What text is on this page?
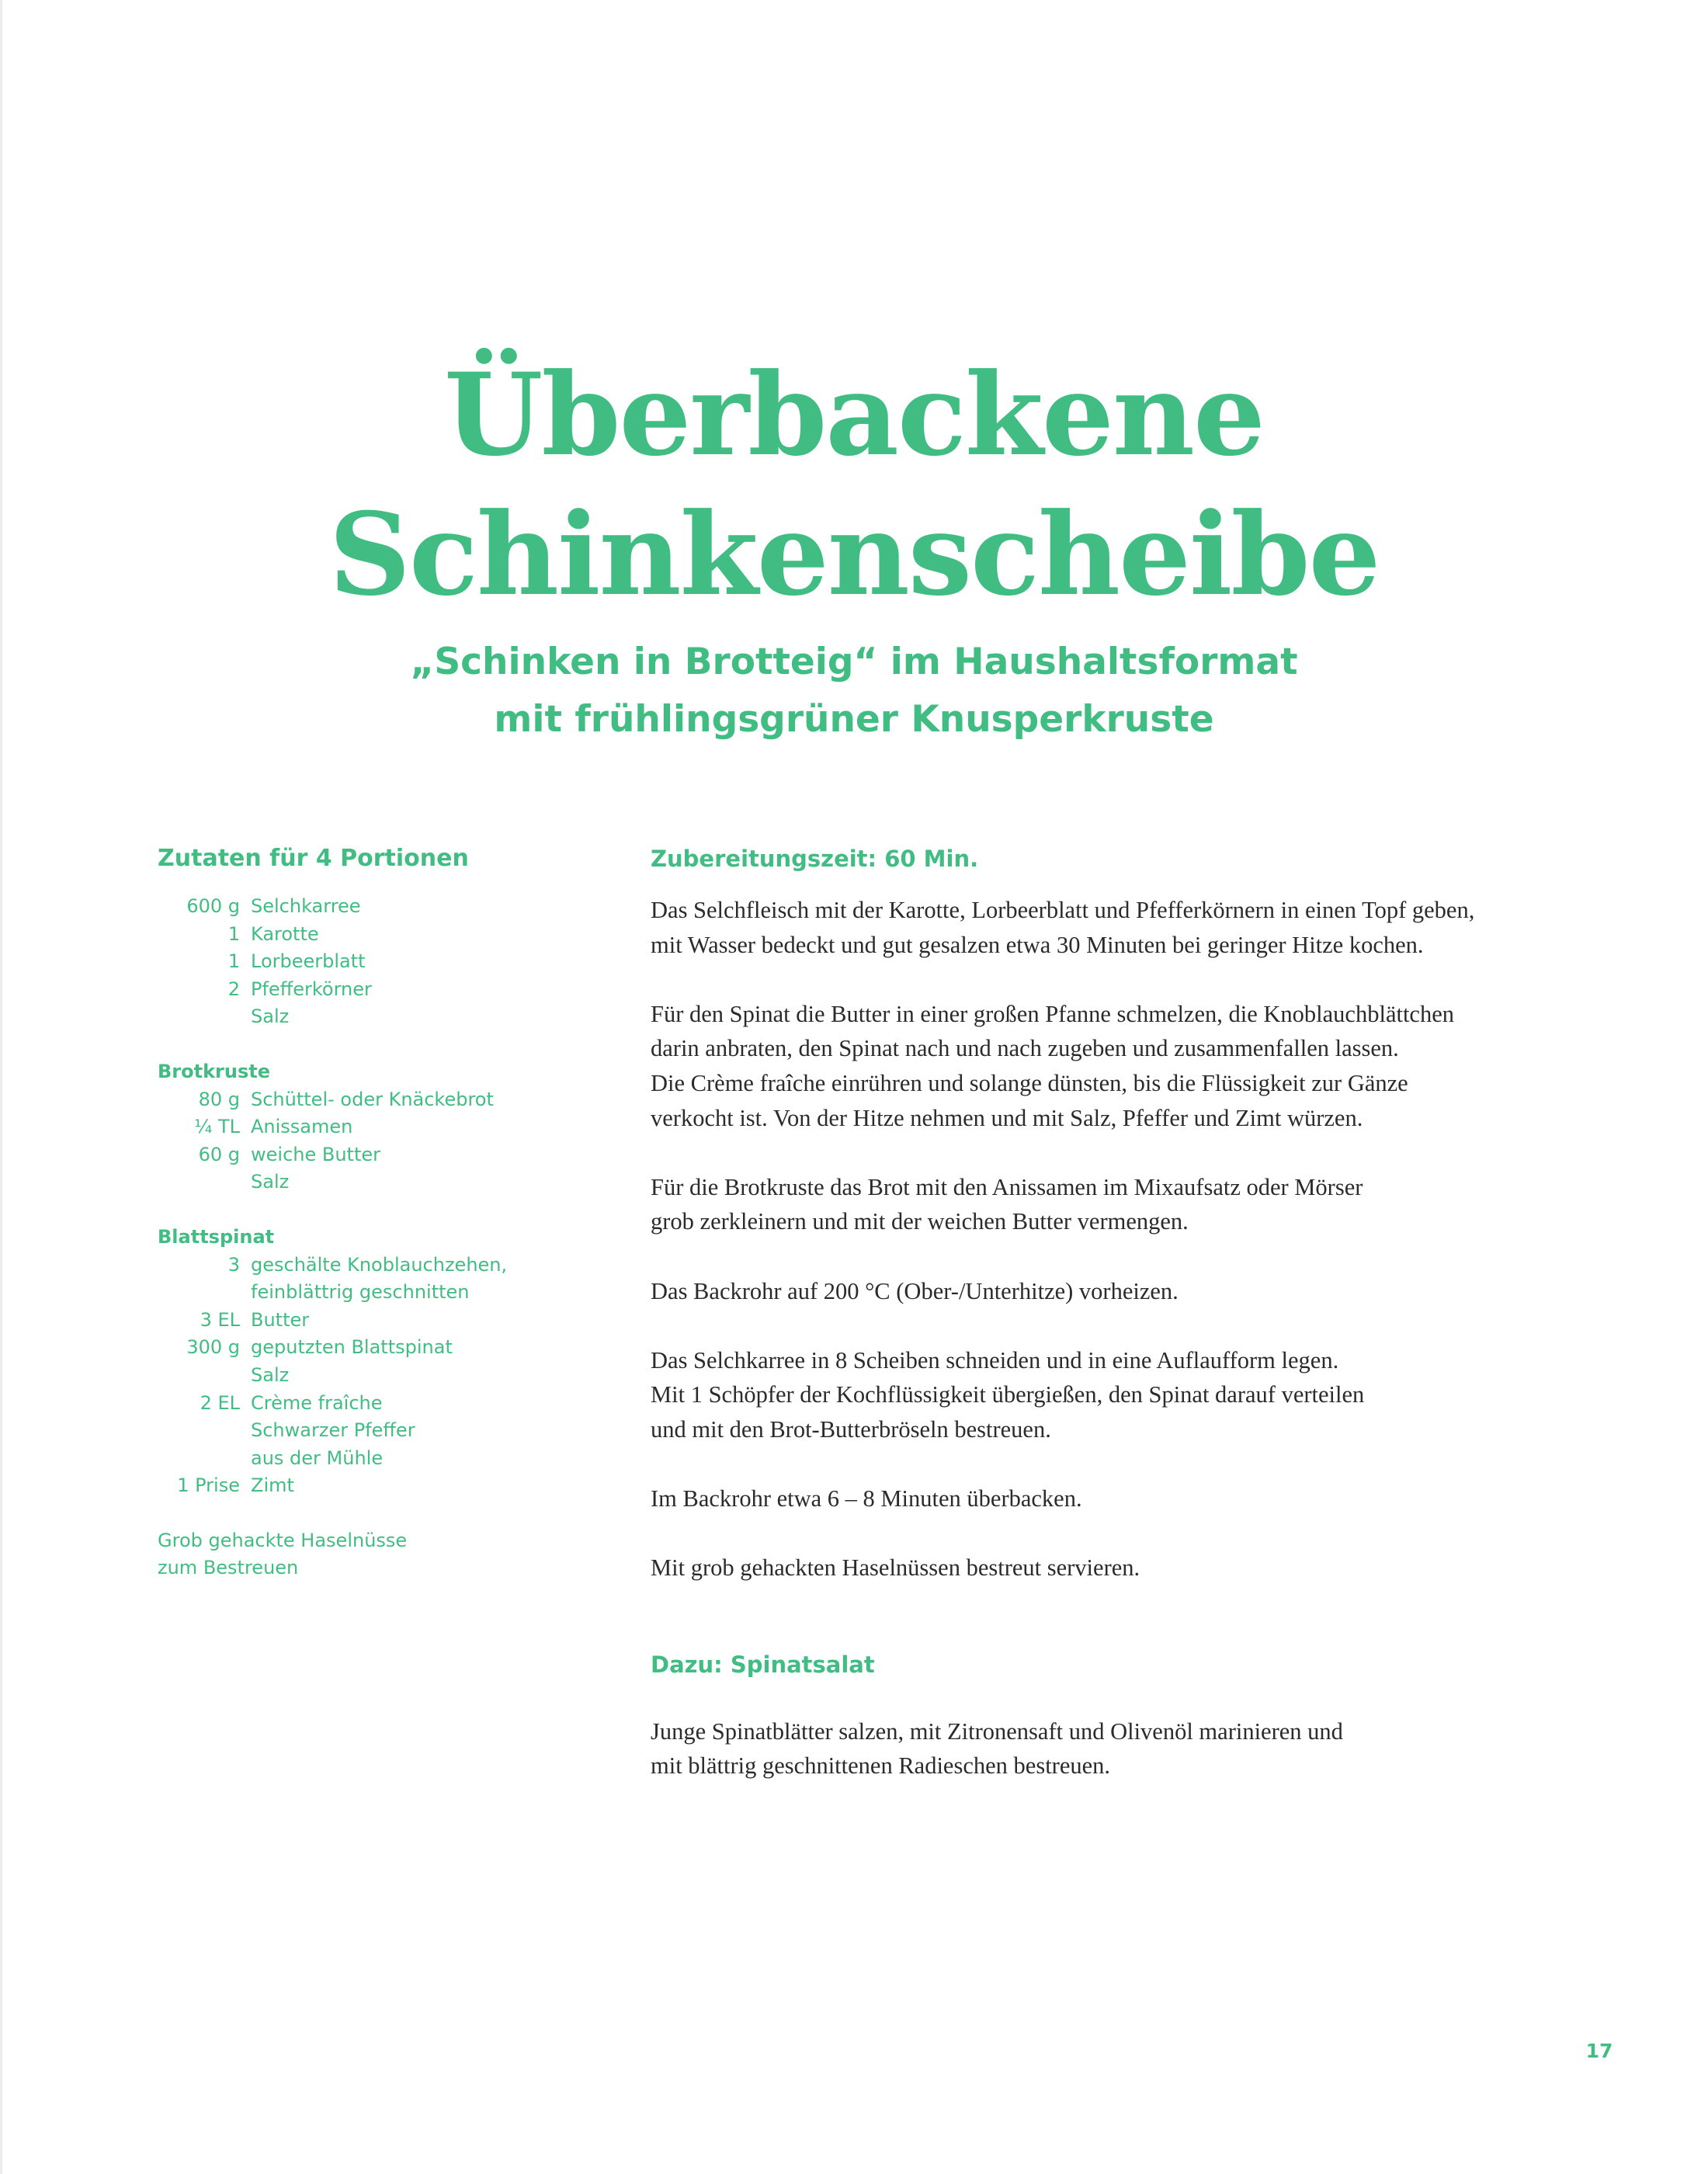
Überbackene
Schinkenscheibe
„Schinken in Brotteig“ im Haushaltsformat
mit frühlingsgrüner Knusperkruste
Zutaten für 4 Portionen
600 g Selchkarree
1 Karotte
1 Lorbeerblatt
2 Pfefferkörner
Salz
Brotkruste
80 g Schüttel- oder Knäckebrot
¼ TL Anissamen
60 g weiche Butter
Salz
Blattspinat
3 geschälte Knoblauchzehen,
feinblättrig geschnitten
3 EL Butter
300 g geputzten Blattspinat
Salz
2 EL Crème fraîche
Schwarzer Pfeffer
aus der Mühle
1 Prise Zimt
Grob gehackte Haselnüsse
zum Bestreuen
Zubereitungszeit: 60 Min.
Das Selchfleisch mit der Karotte, Lorbeerblatt und Pfefferkörnern in einen Topf geben,
mit Wasser bedeckt und gut gesalzen etwa 30 Minuten bei geringer Hitze kochen.
Für den Spinat die Butter in einer großen Pfanne schmelzen, die Knoblauchblättchen
darin anbraten, den Spinat nach und nach zugeben und zusammenfallen lassen.
Die Crème fraîche einrühren und solange dünsten, bis die Flüssigkeit zur Gänze
verkocht ist. Von der Hitze nehmen und mit Salz, Pfeffer und Zimt würzen.
Für die Brotkruste das Brot mit den Anissamen im Mixaufsatz oder Mörser
grob zerkleinern und mit der weichen Butter vermengen.
Das Backrohr auf 200 °C (Ober-/Unterhitze) vorheizen.
Das Selchkarree in 8 Scheiben schneiden und in eine Auflaufform legen.
Mit 1 Schöpfer der Kochflüssigkeit übergießen, den Spinat darauf verteilen
und mit den Brot-Butterbröseln bestreuen.
Im Backrohr etwa 6 – 8 Minuten überbacken.
Mit grob gehackten Haselnüssen bestreut servieren.
Dazu: Spinatsalat
Junge Spinatblätter salzen, mit Zitronensaft und Olivenöl marinieren und
mit blättrig geschnittenen Radieschen bestreuen.
17
